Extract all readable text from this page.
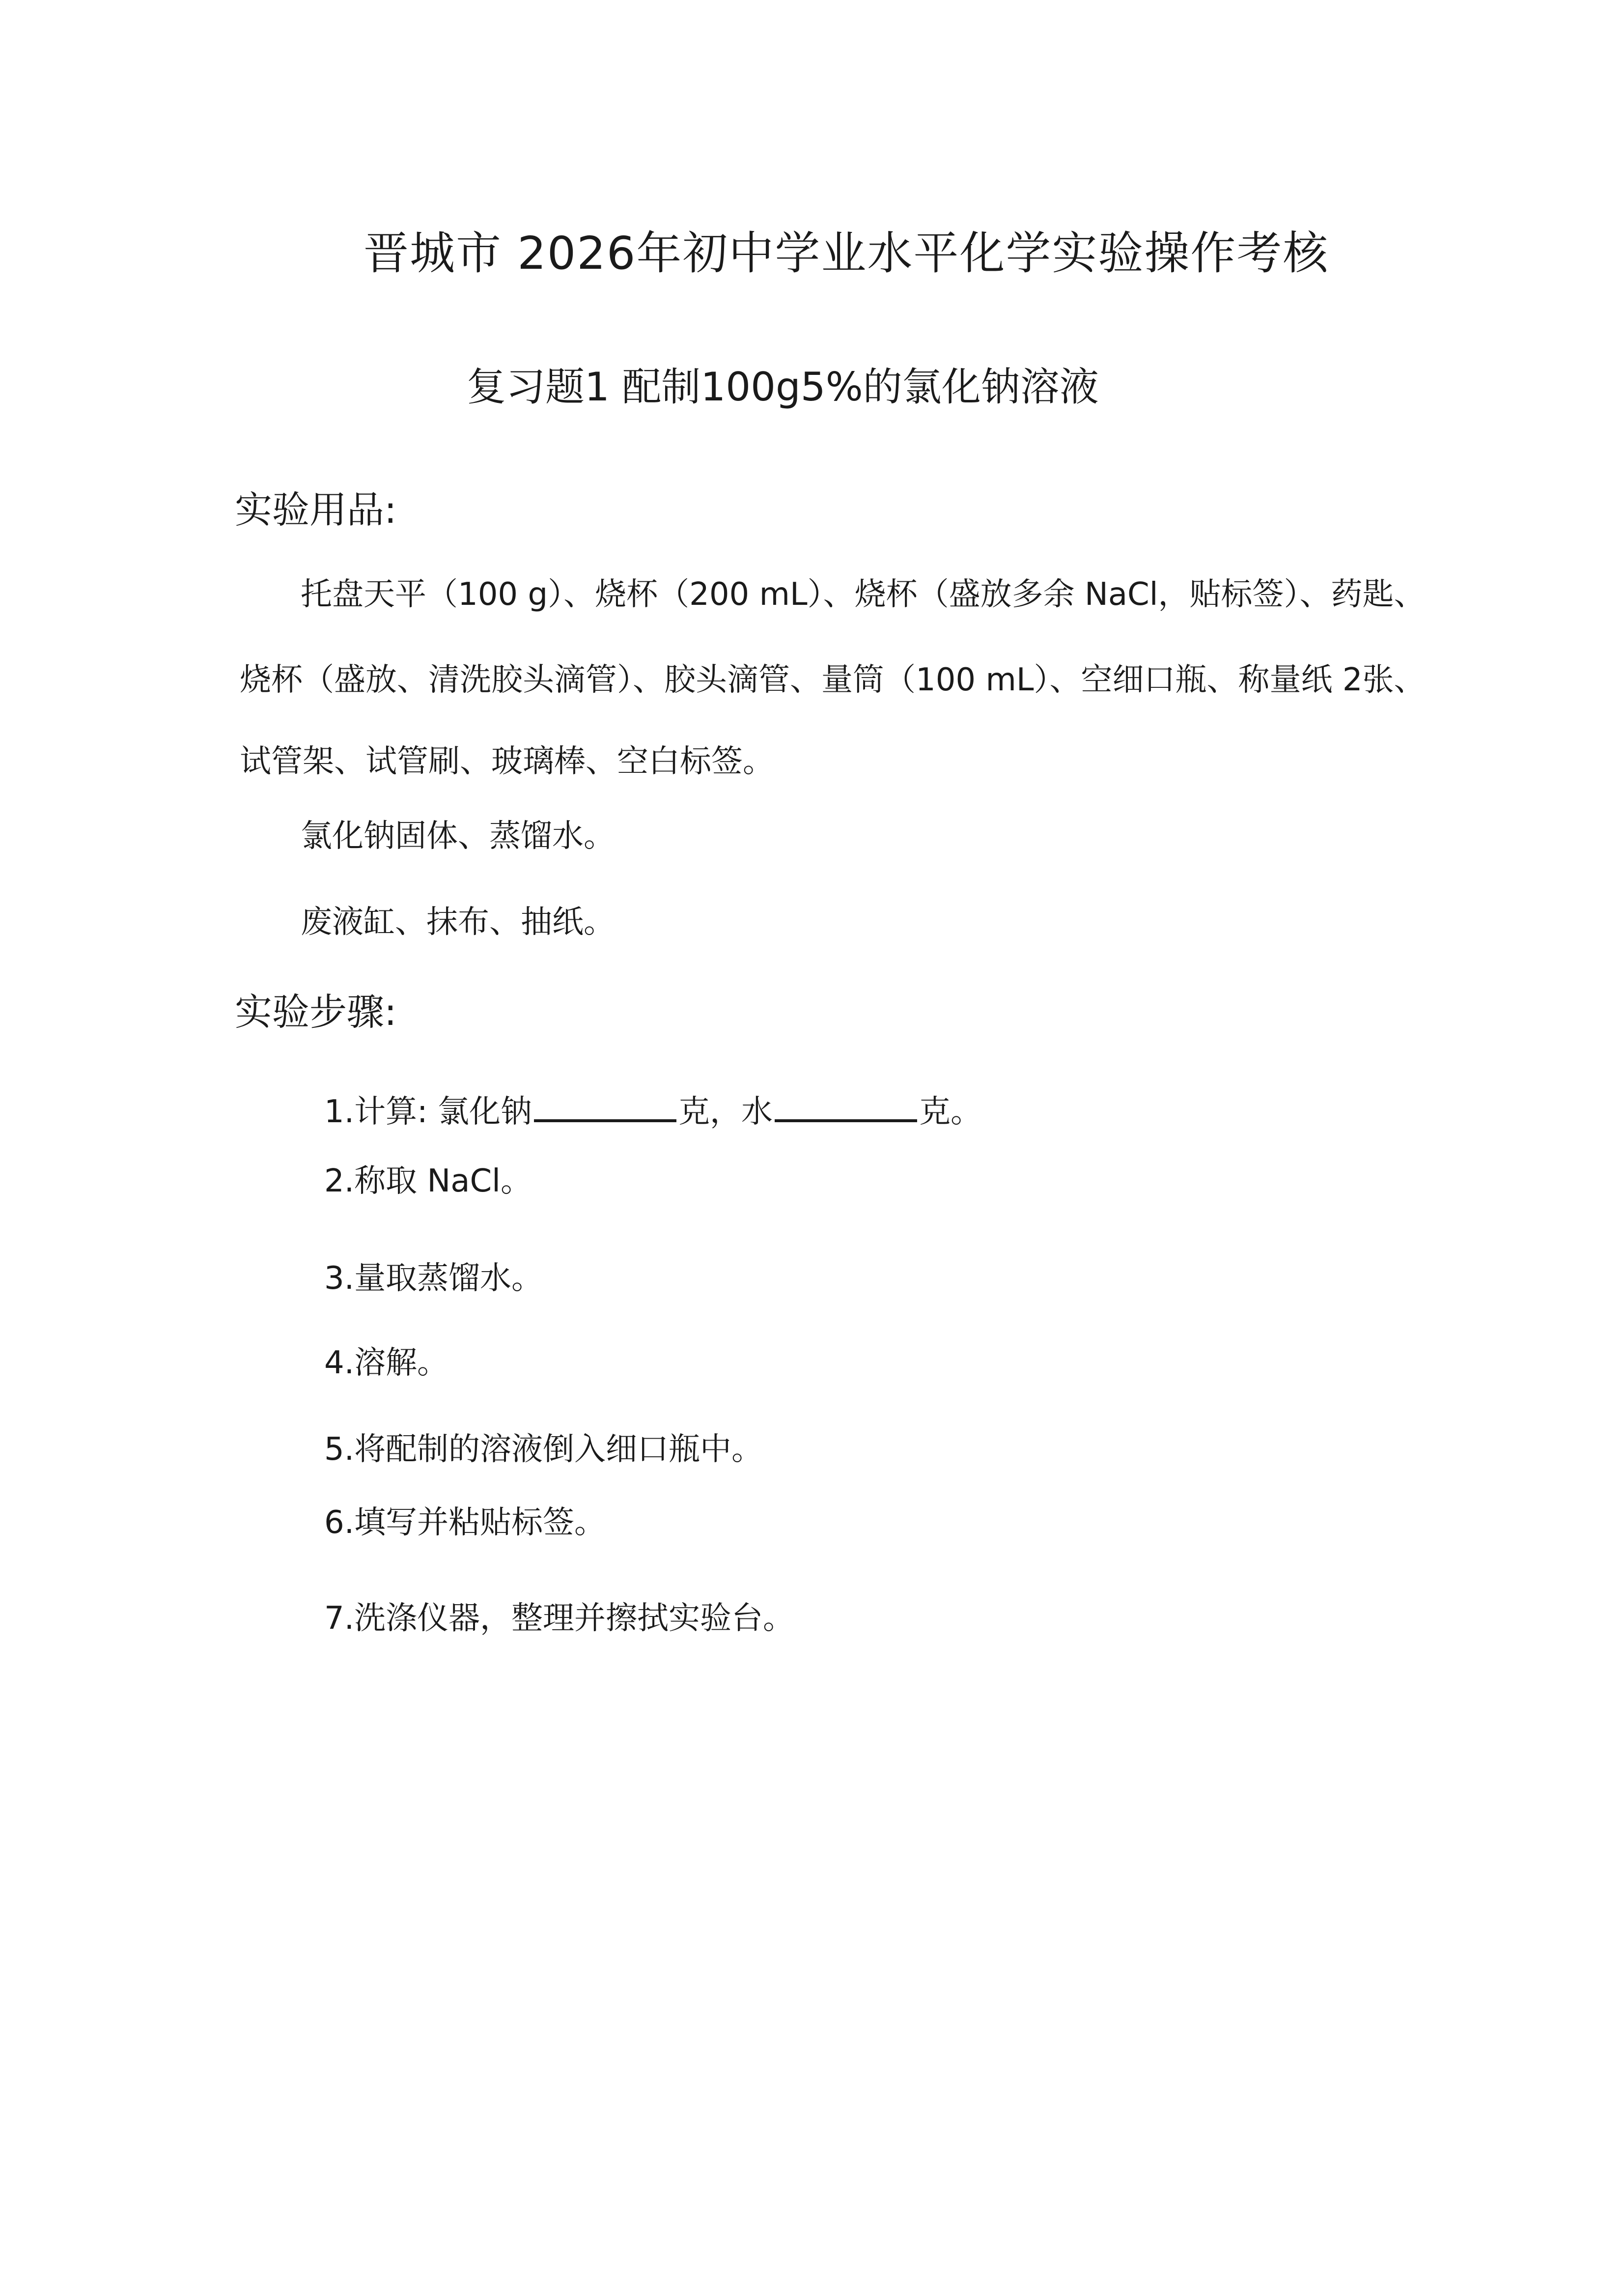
晋城市 2026年初中学业水平化学实验操作考核
复习题1 配制100g5%的氯化钠溶液
实验用品:
托盘天平（100 g）、烧杯（200 mL）、烧杯（盛放多余 NaCl，贴标签）、药匙、
烧杯（盛放、清洗胶头滴管）、胶头滴管、量筒（100 mL）、空细口瓶、称量纸 2张、
试管架、试管刷、玻璃棒、空白标签。
氯化钠固体、蒸馏水。
废液缸、抹布、抽纸。
实验步骤:
1.计算: 氯化钠	克，水	克。
2.称取 NaCl。
3.量取蒸馏水。
4.溶解。
5.将配制的溶液倒入细口瓶中。
6.填写并粘贴标签。
7.洗涤仪器，整理并擦拭实验台。
